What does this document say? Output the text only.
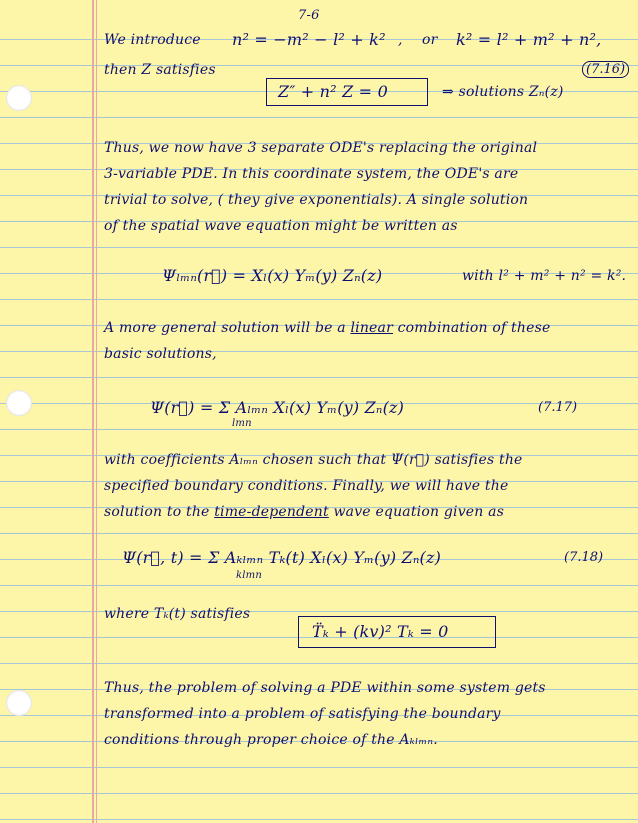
7-6
We introduce n² = −m² − l² + k² , or k² = l² + m² + n²,
then Z satisfies	(7.16)
Z″ + n² Z = 0	⇒ solutions Zₙ(z)
Thus, we now have 3 separate ODE's replacing the original
3-variable PDE. In this coordinate system, the ODE's are
trivial to solve, ( they give exponentials). A single solution
of the spatial wave equation might be written as
Ψₗₘₙ(r⃗) = Xₗ(x) Yₘ(y) Zₙ(z)	with l² + m² + n² = k².
A more general solution will be a linear combination of these
basic solutions,
Ψ(r⃗) = Σ Aₗₘₙ Xₗ(x) Yₘ(y) Zₙ(z)
lmn
(7.17)
with coefficients Aₗₘₙ chosen such that Ψ(r⃗) satisfies the
specified boundary conditions. Finally, we will have the
solution to the time-dependent wave equation given as
Ψ(r⃗, t) = Σ Aₖₗₘₙ Tₖ(t) Xₗ(x) Yₘ(y) Zₙ(z)
klmn
(7.18)
where Tₖ(t) satisfies
T̈ₖ + (kv)² Tₖ = 0
Thus, the problem of solving a PDE within some system gets
transformed into a problem of satisfying the boundary
conditions through proper choice of the Aₖₗₘₙ.
